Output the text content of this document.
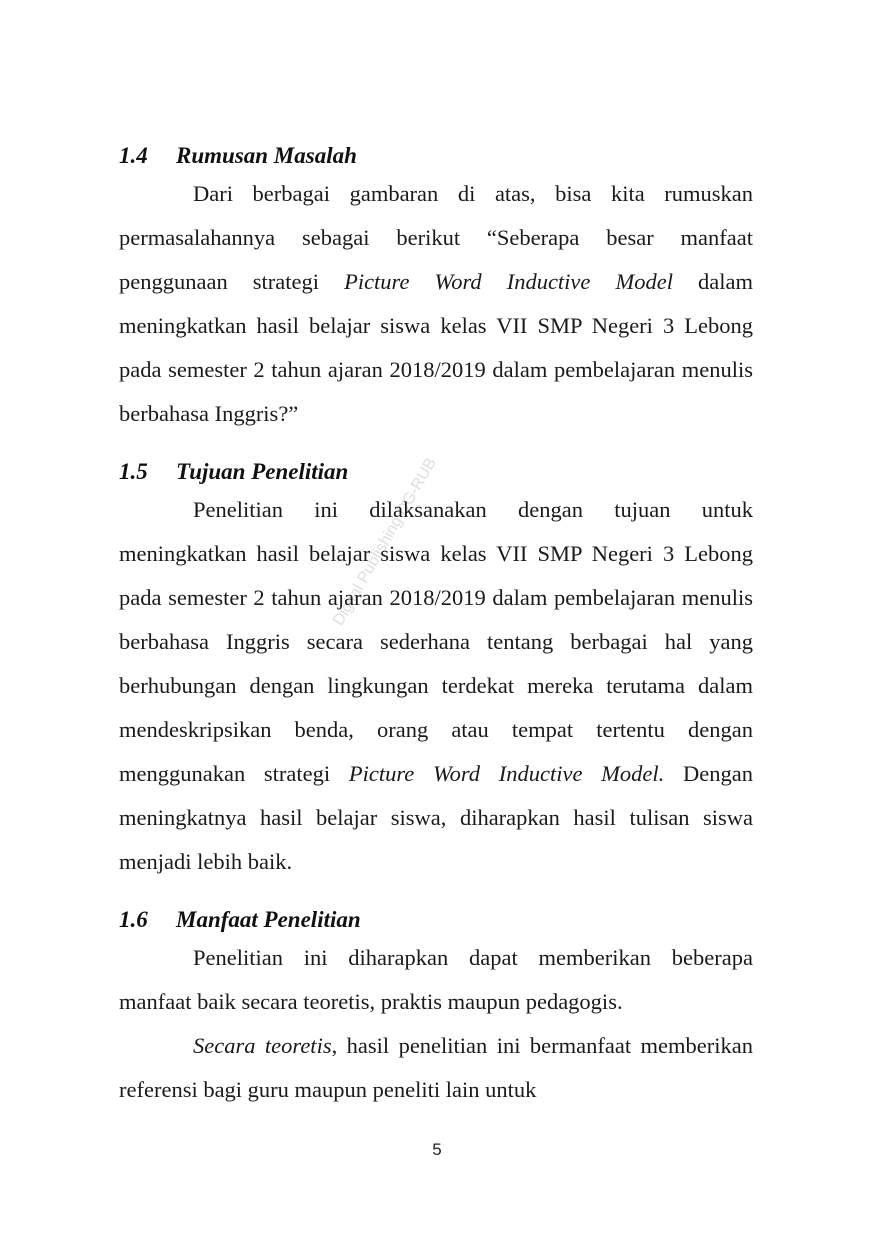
Digital Publishing DG-RUB
1.4 Rumusan Masalah

Dari berbagai gambaran di atas, bisa kita rumuskan permasalahannya sebagai berikut “Seberapa besar manfaat penggunaan strategi Picture Word Inductive Model dalam meningkatkan hasil belajar siswa kelas VII SMP Negeri 3 Lebong pada semester 2 tahun ajaran 2018/2019 dalam pembelajaran menulis berbahasa Inggris?”

1.5 Tujuan Penelitian

Penelitian ini dilaksanakan dengan tujuan untuk meningkatkan hasil belajar siswa kelas VII SMP Negeri 3 Lebong pada semester 2 tahun ajaran 2018/2019 dalam pembelajaran menulis berbahasa Inggris secara sederhana tentang berbagai hal yang berhubungan dengan lingkungan terdekat mereka terutama dalam mendeskripsikan benda, orang atau tempat tertentu dengan menggunakan strategi Picture Word Inductive Model. Dengan meningkatnya hasil belajar siswa, diharapkan hasil tulisan siswa menjadi lebih baik.

1.6 Manfaat Penelitian

Penelitian ini diharapkan dapat memberikan beberapa manfaat baik secara teoretis, praktis maupun pedagogis.

Secara teoretis, hasil penelitian ini bermanfaat memberikan referensi bagi guru maupun peneliti lain untuk

5
